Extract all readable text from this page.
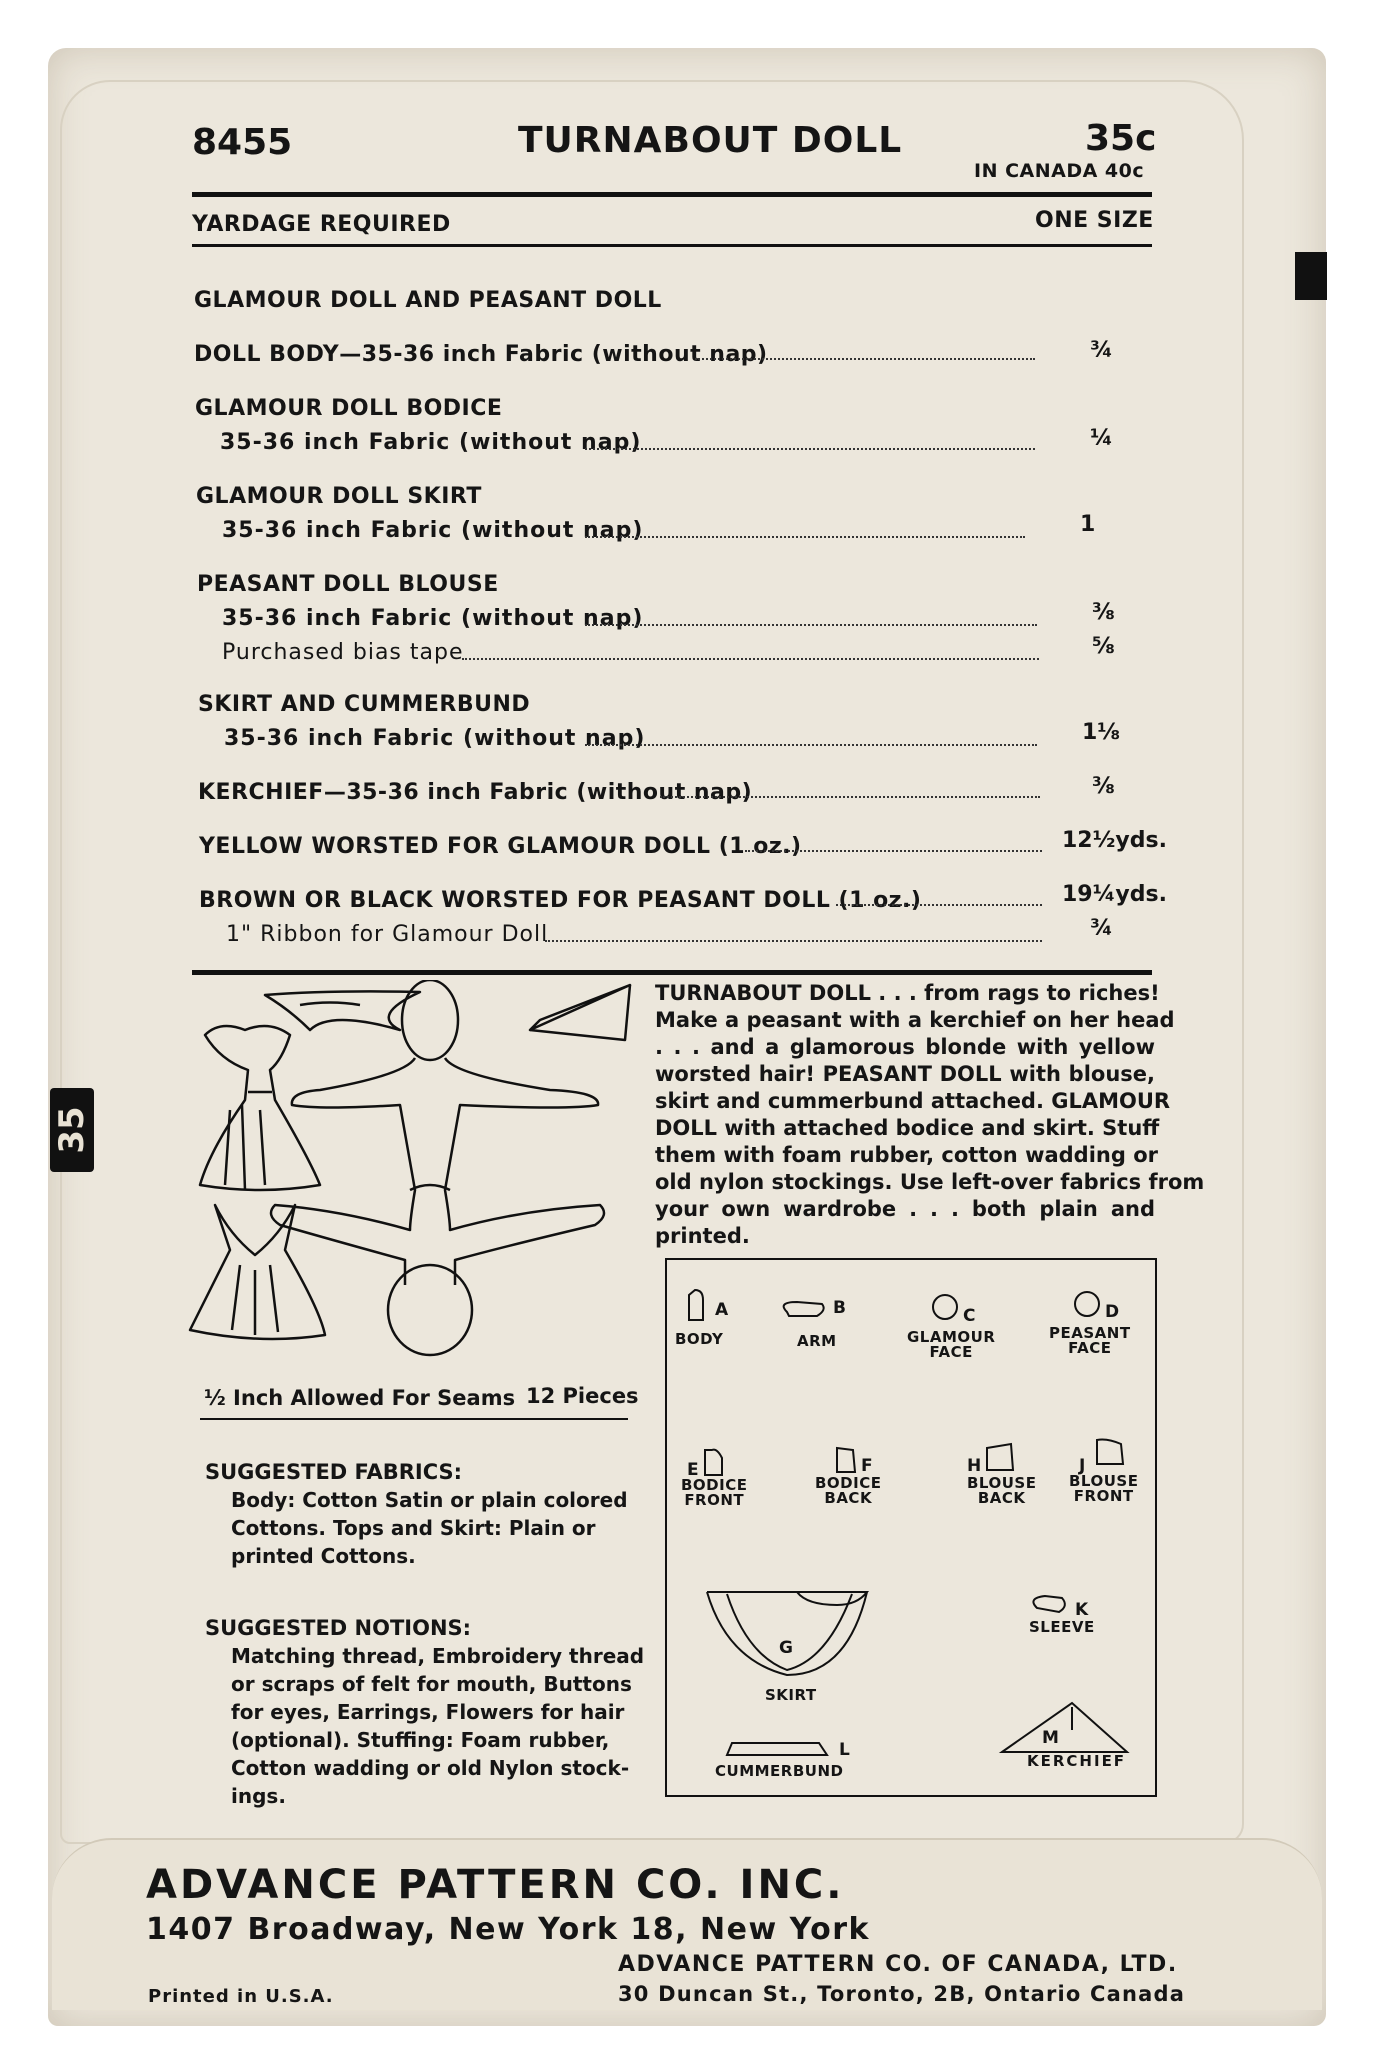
35
8455	TURNABOUT DOLL	35c
IN CANADA 40c
YARDAGE REQUIRED	ONE SIZE
GLAMOUR DOLL AND PEASANT DOLL
DOLL BODY—35-36 inch Fabric (without nap)	¾
GLAMOUR DOLL BODICE
35-36 inch Fabric (without nap)	¼
GLAMOUR DOLL SKIRT
35-36 inch Fabric (without nap)	1
PEASANT DOLL BLOUSE
35-36 inch Fabric (without nap)	⅜
Purchased bias tape	⅝
SKIRT AND CUMMERBUND
35-36 inch Fabric (without nap)	1⅛
KERCHIEF—35-36 inch Fabric (without nap)	⅜
YELLOW WORSTED FOR GLAMOUR DOLL (1 oz.)	12½yds.
BROWN OR BLACK WORSTED FOR PEASANT DOLL (1 oz.)	19¼yds.
1" Ribbon for Glamour Doll	¾
TURNABOUT DOLL . . . from rags to riches!
Make a peasant with a kerchief on her head
. . . and a glamorous blonde with yellow
worsted hair! PEASANT DOLL with blouse,
skirt and cummerbund attached. GLAMOUR
DOLL with attached bodice and skirt. Stuff
them with foam rubber, cotton wadding or
old nylon stockings. Use left-over fabrics from
your own wardrobe . . . both plain and
printed.
½ Inch Allowed For Seams 12 Pieces
SUGGESTED FABRICS:
Body: Cotton Satin or plain colored
Cottons. Tops and Skirt: Plain or
printed Cottons.
SUGGESTED NOTIONS:
Matching thread, Embroidery thread
or scraps of felt for mouth, Buttons
for eyes, Earrings, Flowers for hair
(optional). Stuffing: Foam rubber,
Cotton wadding or old Nylon stock-
ings.
A
BODY
B
ARM
C
GLAMOUR
FACE
D
PEASANT
FACE
E
BODICE
FRONT
F
BODICE
BACK
H
BLOUSE
BACK
J
BLOUSE
FRONT
G
SKIRT
K
SLEEVE
L
CUMMERBUND
M
KERCHIEF
ADVANCE PATTERN CO. INC.
1407 Broadway, New York 18, New York
Printed in U.S.A.
ADVANCE PATTERN CO. OF CANADA, LTD.
30 Duncan St., Toronto, 2B, Ontario Canada
